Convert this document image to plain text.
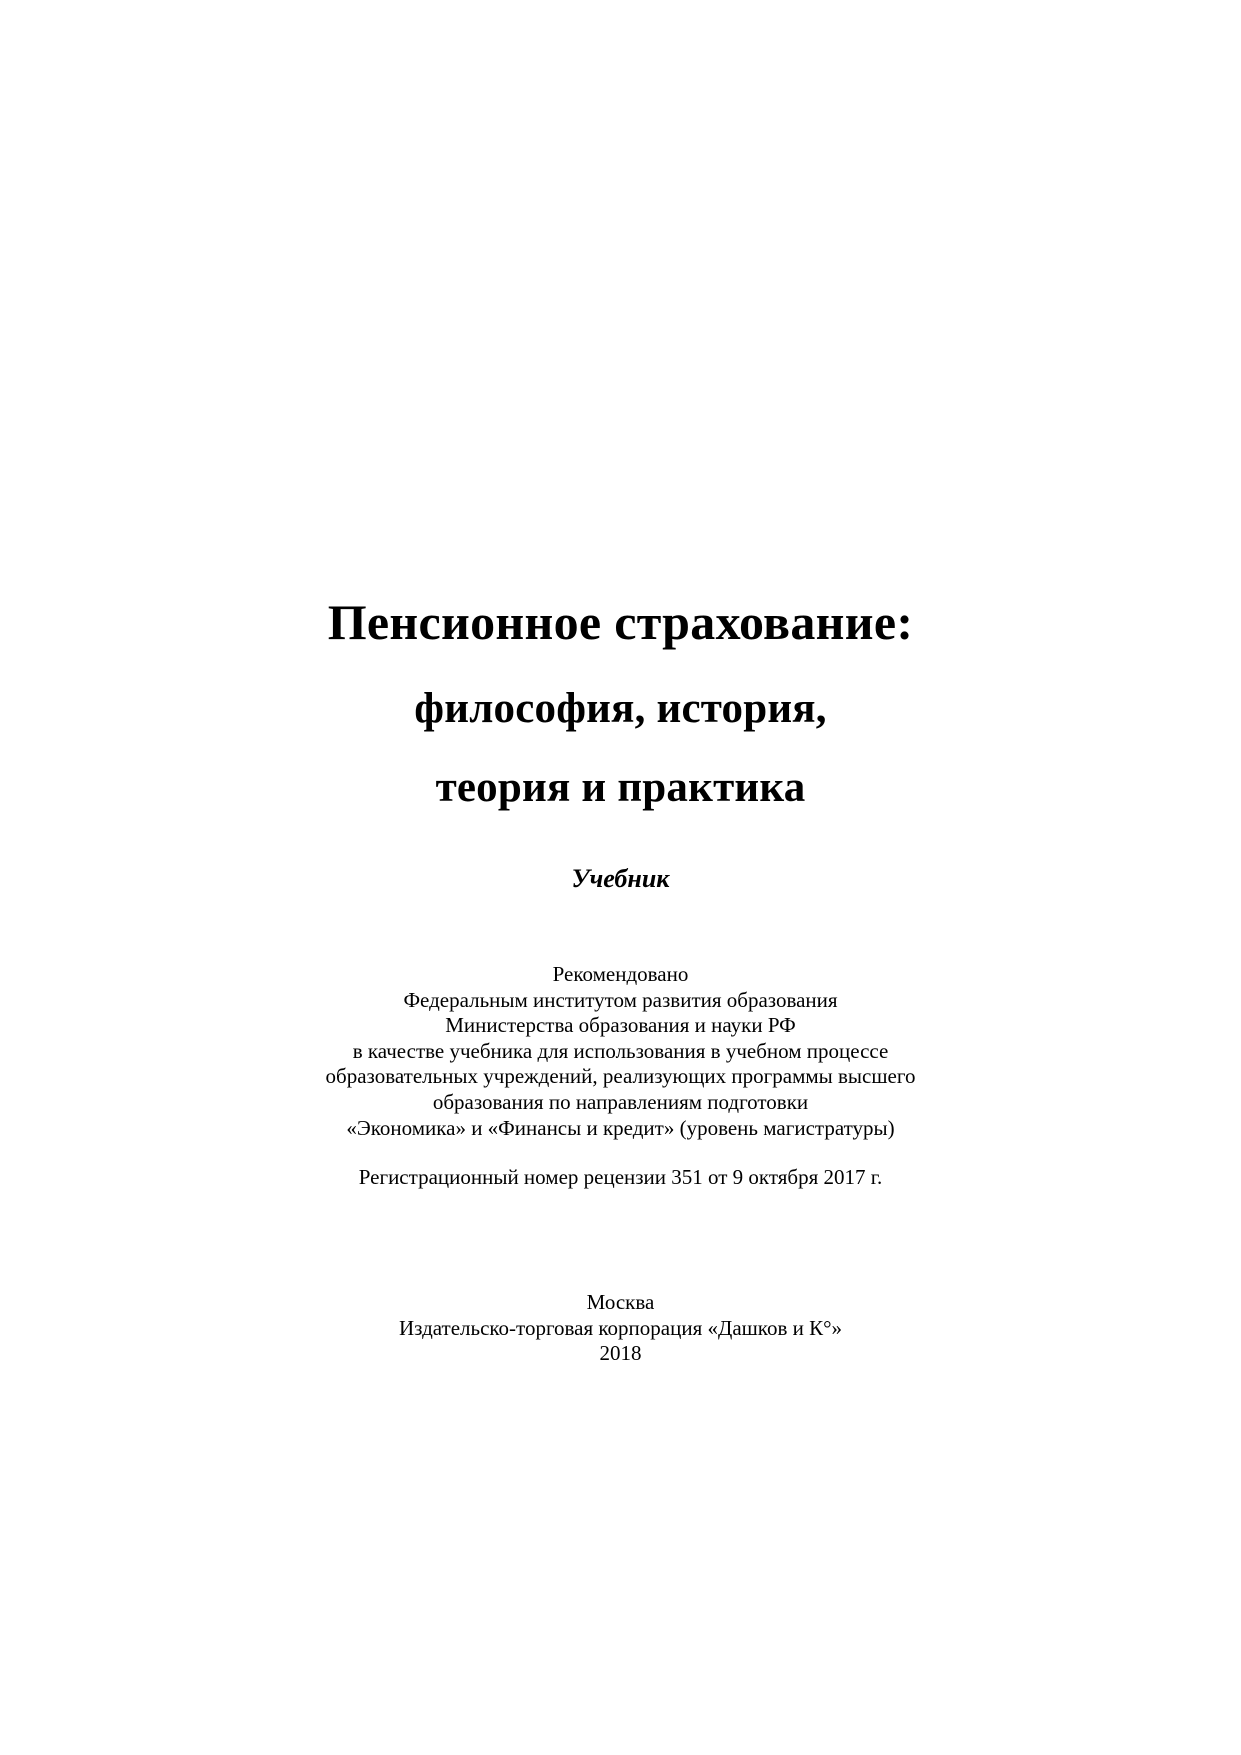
Пенсионное страхование:
философия, история,
теория и практика
Учебник
Рекомендовано
Федеральным институтом развития образования
Министерства образования и науки РФ
в качестве учебника для использования в учебном процессе
образовательных учреждений, реализующих программы высшего
образования по направлениям подготовки
«Экономика» и «Финансы и кредит» (уровень магистратуры)
Регистрационный номер рецензии 351 от 9 октября 2017 г.
Москва
Издательско-торговая корпорация «Дашков и К°»
2018
